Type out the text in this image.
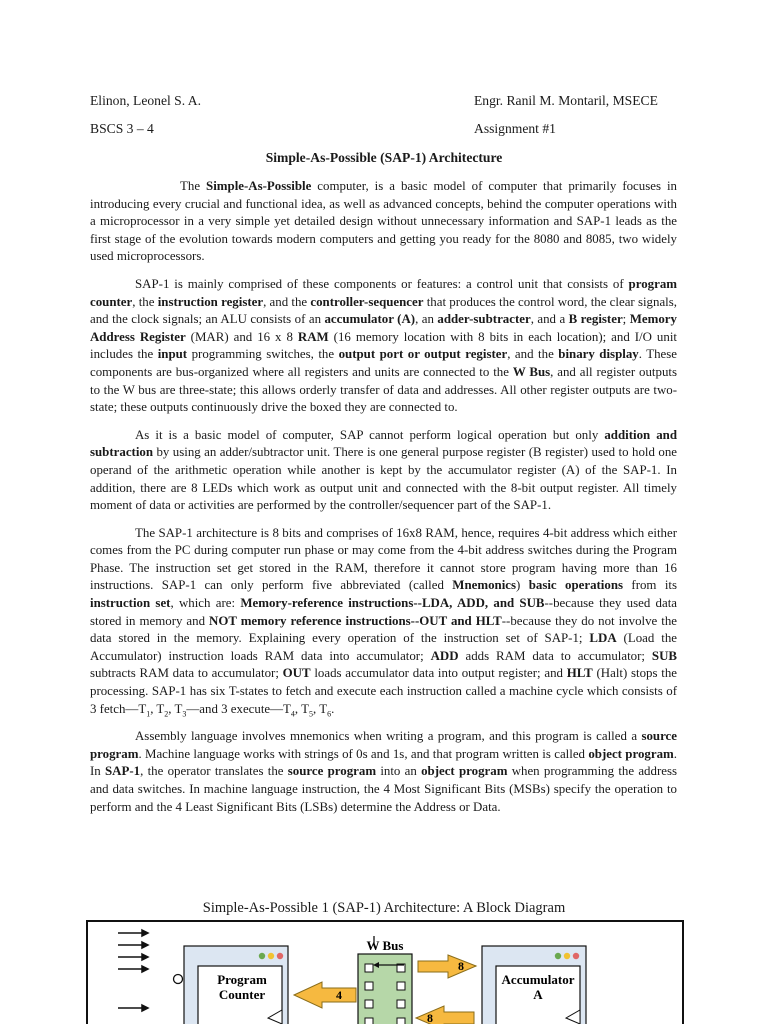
Elinon, Leonel S. A.	Engr. Ranil M. Montaril, MSECE
BSCS 3 – 4	Assignment #1
Simple-As-Possible (SAP-1) Architecture

The Simple-As-Possible computer, is a basic model of computer that primarily focuses in introducing every crucial and functional idea, as well as advanced concepts, behind the computer operations with a microprocessor in a very simple yet detailed design without unnecessary information and SAP-1 leads as the first stage of the evolution towards modern computers and getting you ready for the 8080 and 8085, two widely used microprocessors.

SAP-1 is mainly comprised of these components or features: a control unit that consists of program counter, the instruction register, and the controller-sequencer that produces the control word, the clear signals, and the clock signals; an ALU consists of an accumulator (A), an adder-subtracter, and a B register; Memory Address Register (MAR) and 16 x 8 RAM (16 memory location with 8 bits in each location); and I/O unit includes the input programming switches, the output port or output register, and the binary display. These components are bus-organized where all registers and units are connected to the W Bus, and all register outputs to the W bus are three-state; this allows orderly transfer of data and addresses. All other register outputs are two-state; these outputs continuously drive the boxed they are connected to.

As it is a basic model of computer, SAP cannot perform logical operation but only addition and subtraction by using an adder/subtractor unit. There is one general purpose register (B register) used to hold one operand of the arithmetic operation while another is kept by the accumulator register (A) of the SAP-1. In addition, there are 8 LEDs which work as output unit and connected with the 8-bit output register. All timely moment of data or activities are performed by the controller/sequencer part of the SAP-1.

The SAP-1 architecture is 8 bits and comprises of 16x8 RAM, hence, requires 4-bit address which either comes from the PC during computer run phase or may come from the 4-bit address switches during the Program Phase. The instruction set get stored in the RAM, therefore it cannot store program having more than 16 instructions. SAP-1 can only perform five abbreviated (called Mnemonics) basic operations from its instruction set, which are: Memory-reference instructions--LDA, ADD, and SUB--because they used data stored in memory and NOT memory reference instructions--OUT and HLT--because they do not involve the data stored in the memory. Explaining every operation of the instruction set of SAP-1; LDA (Load the Accumulator) instruction loads RAM data into accumulator; ADD adds RAM data to accumulator; SUB subtracts RAM data to accumulator; OUT loads accumulator data into output register; and HLT (Halt) stops the processing. SAP-1 has six T-states to fetch and execute each instruction called a machine cycle which consists of 3 $fetch—T_1$, $T_2$, $T_3—and$ 3 $execute—T_4$, $T_5$, $T_6$.

Assembly language involves mnemonics when writing a program, and this program is called a source program. Machine language works with strings of 0s and 1s, and that program written is called object program. In SAP-1, the operator translates the source program into an object program when programming the address and data switches. In machine language instruction, the 4 Most Significant Bits (MSBs) specify the operation to perform and the 4 Least Significant Bits (LSBs) determine the Address or Data.

Simple-As-Possible 1 (SAP-1) Architecture: A Block Diagram
Program
Counter	4
W Bus
8
8
Accumulator
A
